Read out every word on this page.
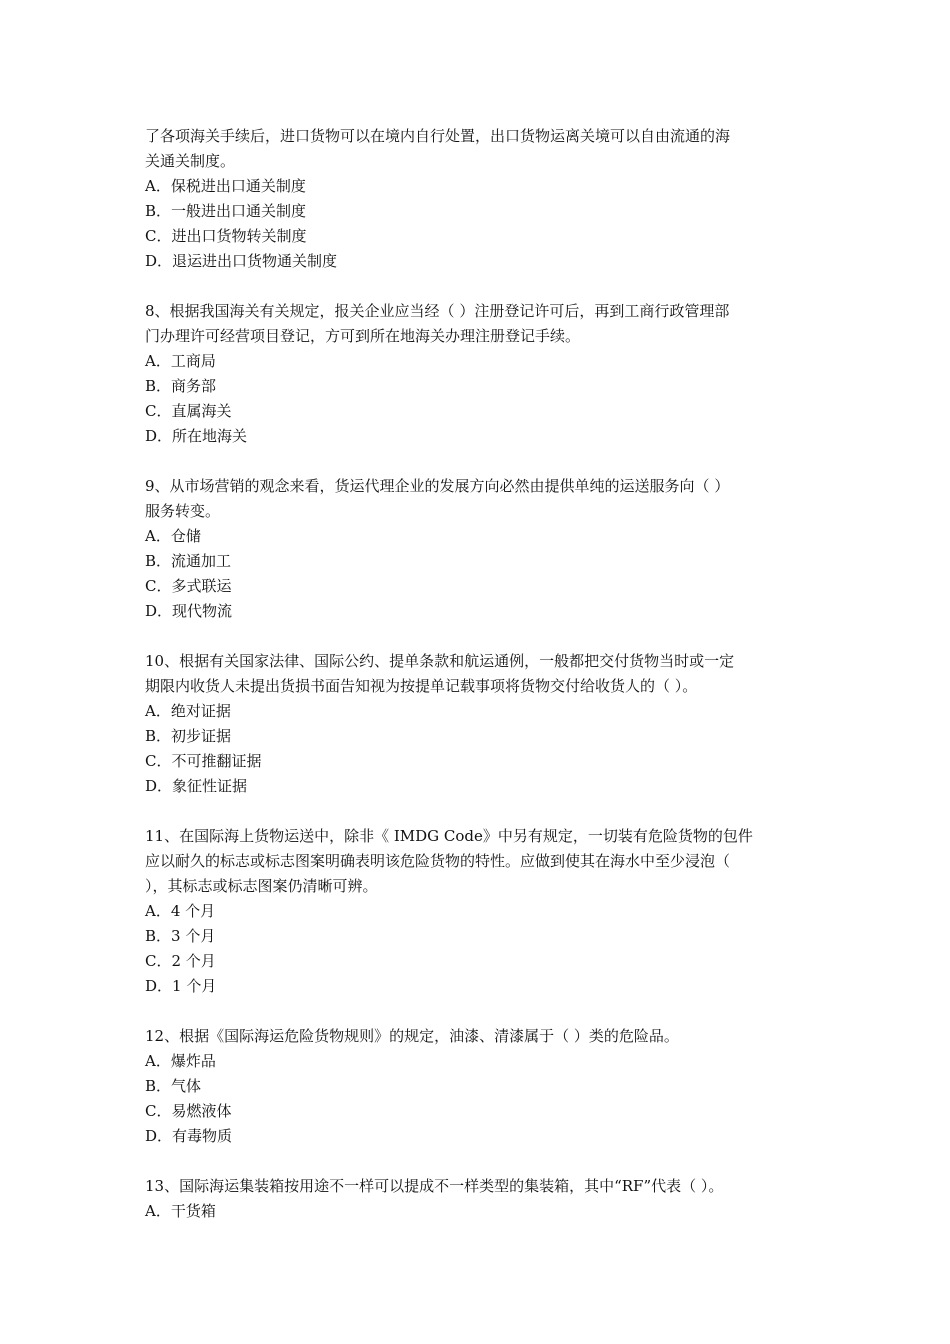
了各项海关手续后，进口货物可以在境内自行处置，出口货物运离关境可以自由流通的海

关通关制度。

A．保税进出口通关制度

B．一般进出口通关制度

C．进出口货物转关制度

D．退运进出口货物通关制度

8、根据我国海关有关规定，报关企业应当经（ ）注册登记许可后，再到工商行政管理部

门办理许可经营项目登记，方可到所在地海关办理注册登记手续。

A．工商局

B．商务部

C．直属海关

D．所在地海关

9、从市场营销的观念来看，货运代理企业的发展方向必然由提供单纯的运送服务向（ ）

服务转变。

A．仓储

B．流通加工

C．多式联运

D．现代物流

10、根据有关国家法律、国际公约、提单条款和航运通例，一般都把交付货物当时或一定

期限内收货人未提出货损书面告知视为按提单记载事项将货物交付给收货人的（ ）。

A．绝对证据

B．初步证据

C．不可推翻证据

D．象征性证据

11、在国际海上货物运送中，除非《 IMDG Code》中另有规定，一切装有危险货物的包件

应以耐久的标志或标志图案明确表明该危险货物的特性。应做到使其在海水中至少浸泡（

），其标志或标志图案仍清晰可辨。

A．4 个月

B．3 个月

C．2 个月

D．1 个月

12、根据《国际海运危险货物规则》的规定，油漆、清漆属于（ ）类的危险品。

A．爆炸品

B．气体

C．易燃液体

D．有毒物质

13、国际海运集装箱按用途不一样可以提成不一样类型的集装箱，其中“RF”代表（ ）。

A．干货箱
